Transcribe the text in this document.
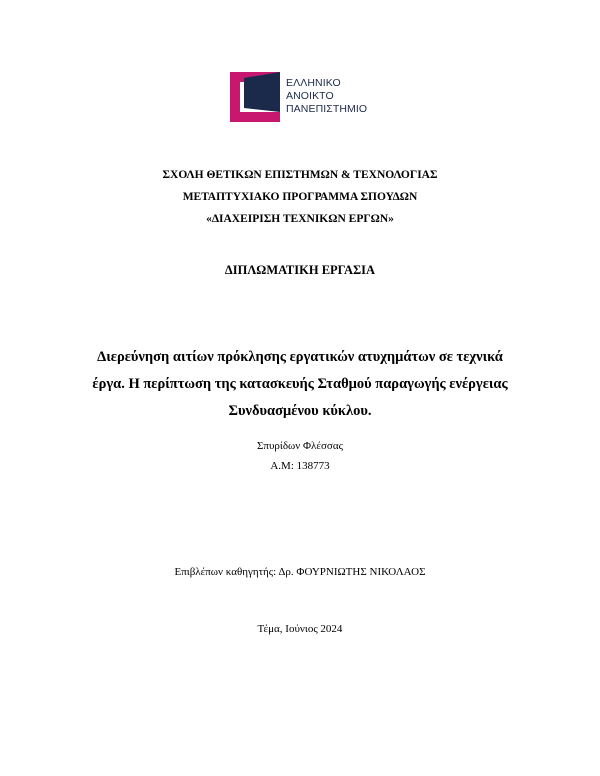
ΕΛΛΗΝΙΚΟ
ΑΝΟΙΚΤΟ
ΠΑΝΕΠΙΣΤΗΜΙΟ
ΣΧΟΛΗ ΘΕΤΙΚΩΝ ΕΠΙΣΤΗΜΩΝ & ΤΕΧΝΟΛΟΓΙΑΣ
ΜΕΤΑΠΤΥΧΙΑΚΟ ΠΡΟΓΡΑΜΜΑ ΣΠΟΥΔΩΝ
«ΔΙΑΧΕΙΡΙΣΗ ΤΕΧΝΙΚΩΝ ΕΡΓΩΝ»
ΔΙΠΛΩΜΑΤΙΚΗ ΕΡΓΑΣΙΑ
Διερεύνηση αιτίων πρόκλησης εργατικών ατυχημάτων σε τεχνικά
έργα. Η περίπτωση της κατασκευής Σταθμού παραγωγής ενέργειας
Συνδυασμένου κύκλου.
Σπυρίδων Φλέσσας
Α.Μ: 138773
Επιβλέπων καθηγητής: Δρ. ΦΟΥΡΝΙΩΤΗΣ ΝΙΚΟΛΑΟΣ
Τέμα, Ιούνιος 2024
